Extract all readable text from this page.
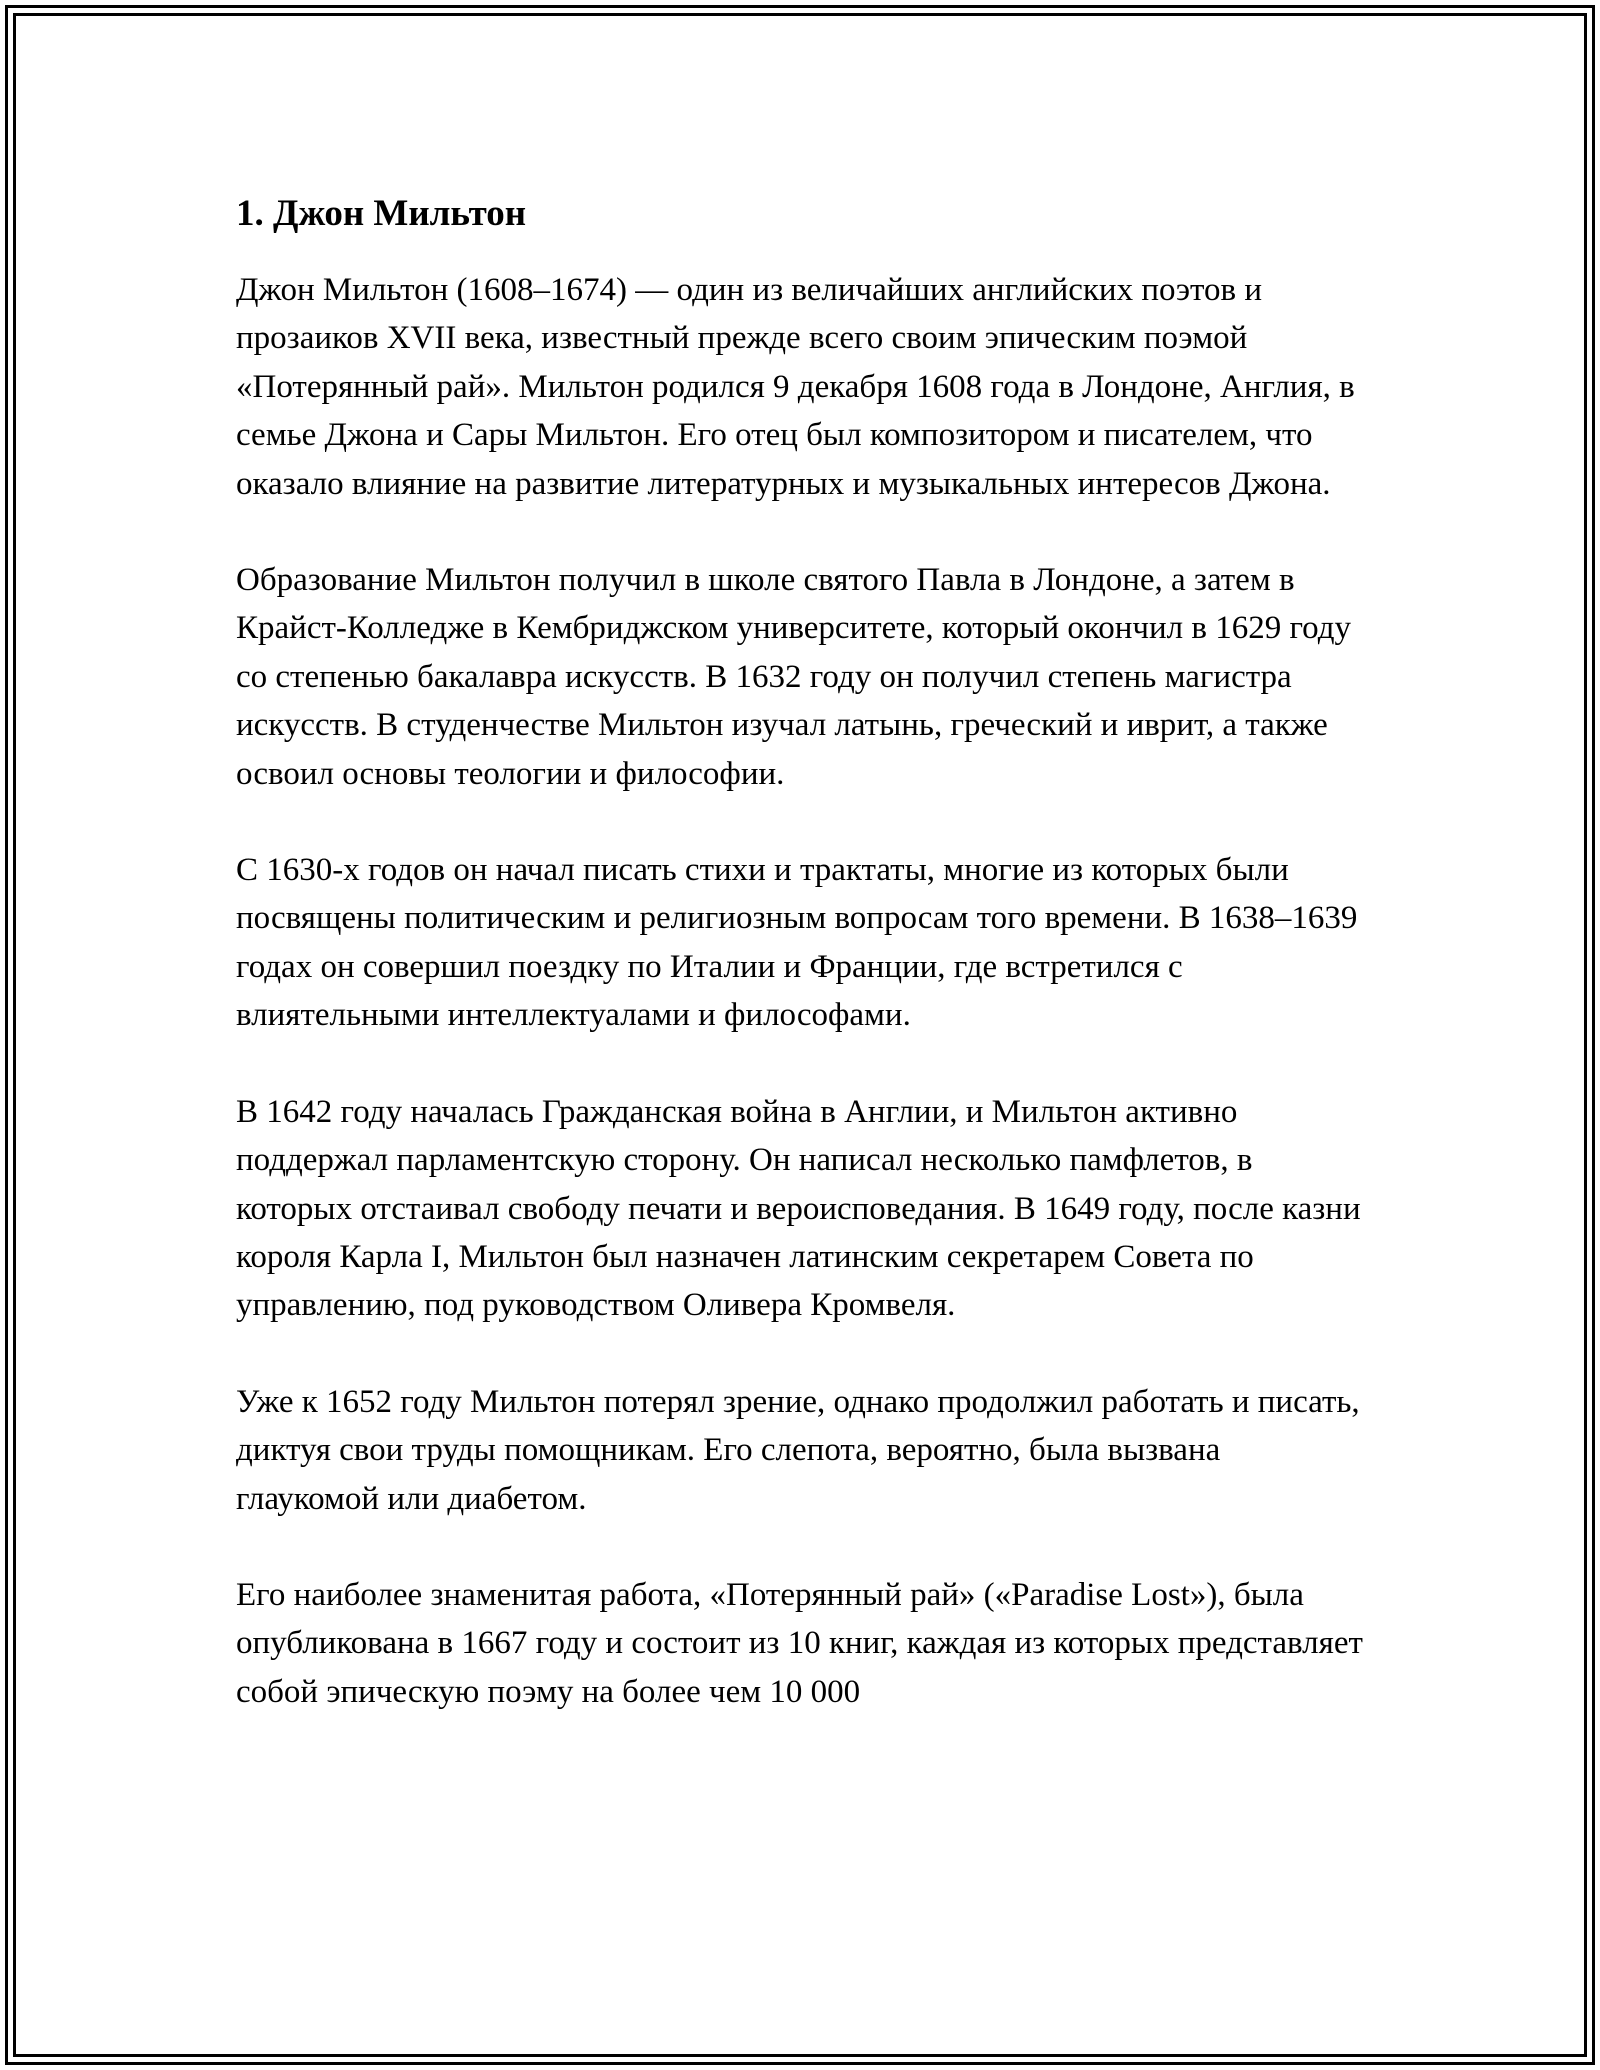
1. Джон Мильтон

Джон Мильтон (1608–1674) — один из величайших английских поэтов и прозаиков XVII века, известный прежде всего своим эпическим поэмой «Потерянный рай». Мильтон родился 9 декабря 1608 года в Лондоне, Англия, в семье Джона и Сары Мильтон. Его отец был композитором и писателем, что оказало влияние на развитие литературных и музыкальных интересов Джона.

Образование Мильтон получил в школе святого Павла в Лондоне, а затем в Крайст-Колледже в Кембриджском университете, который окончил в 1629 году со степенью бакалавра искусств. В 1632 году он получил степень магистра искусств. В студенчестве Мильтон изучал латынь, греческий и иврит, а также освоил основы теологии и философии.

С 1630-х годов он начал писать стихи и трактаты, многие из которых были посвящены политическим и религиозным вопросам того времени. В 1638–1639 годах он совершил поездку по Италии и Франции, где встретился с влиятельными интеллектуалами и философами.

В 1642 году началась Гражданская война в Англии, и Мильтон активно поддержал парламентскую сторону. Он написал несколько памфлетов, в которых отстаивал свободу печати и вероисповедания. В 1649 году, после казни короля Карла I, Мильтон был назначен латинским секретарем Совета по управлению, под руководством Оливера Кромвеля.

Уже к 1652 году Мильтон потерял зрение, однако продолжил работать и писать, диктуя свои труды помощникам. Его слепота, вероятно, была вызвана глаукомой или диабетом.

Его наиболее знаменитая работа, «Потерянный рай» («Paradise Lost»), была опубликована в 1667 году и состоит из 10 книг, каждая из которых представляет собой эпическую поэму на более чем 10 000
